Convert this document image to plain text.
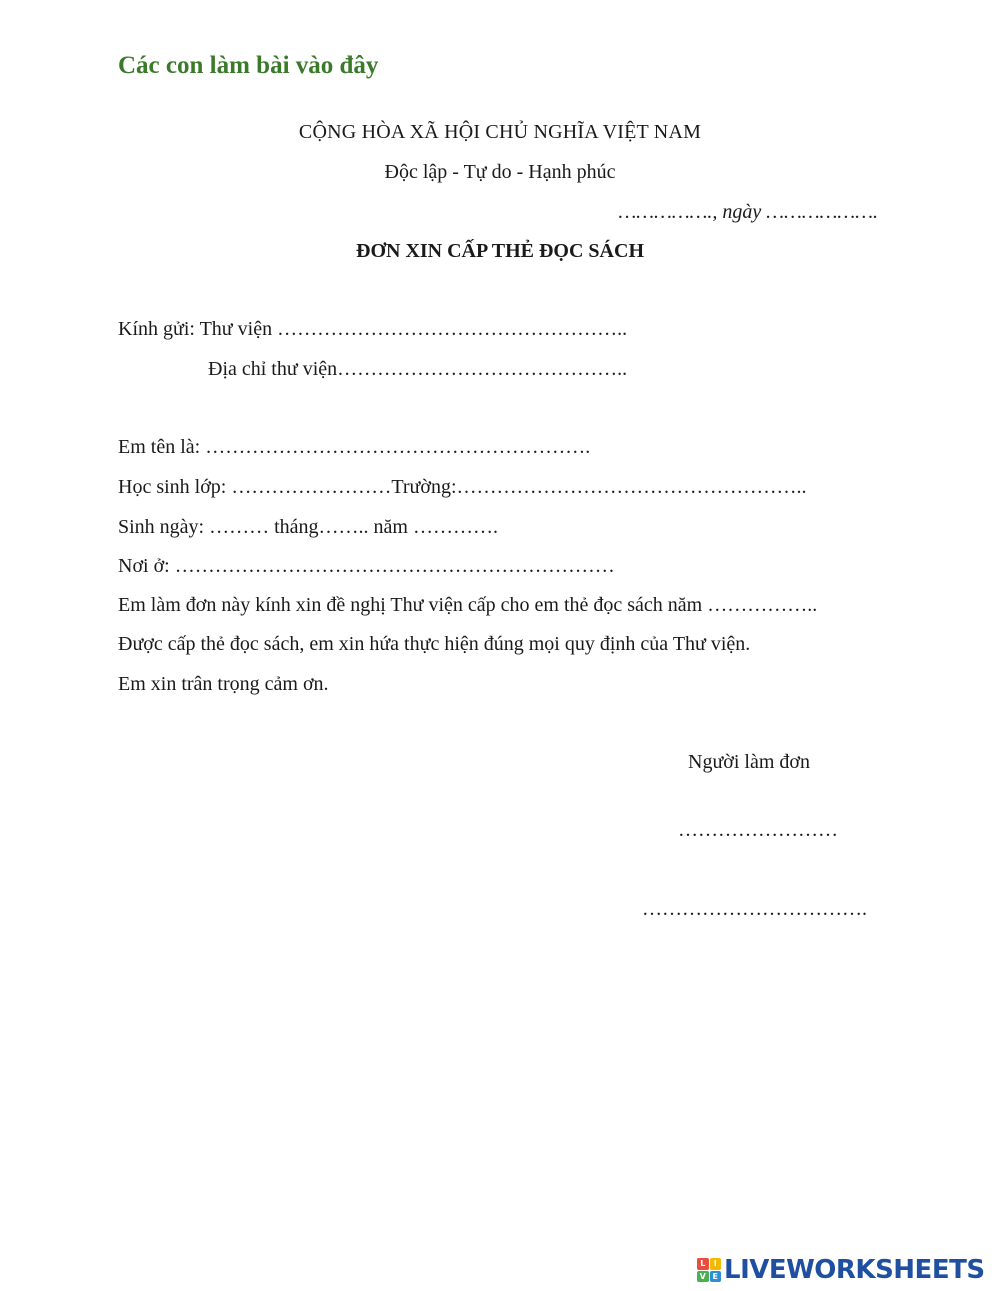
Các con làm bài vào đây
CỘNG HÒA XÃ HỘI CHỦ NGHĨA VIỆT NAM
Độc lập - Tự do - Hạnh phúc
……………., ngày ……………….
ĐƠN XIN CẤP THẺ ĐỌC SÁCH
Kính gửi: Thư viện ……………………………………………..
Địa chỉ thư viện……………………………………..
Em tên là: ………………………………………………….
Học sinh lớp: ……………………Trường:……………………………………………..
Sinh ngày: ……… tháng…….. năm ………….
Nơi ở: …………………………………………………………
Em làm đơn này kính xin đề nghị Thư viện cấp cho em thẻ đọc sách năm ……………..
Được cấp thẻ đọc sách, em xin hứa thực hiện đúng mọi quy định của Thư viện.
Em xin trân trọng cảm ơn.
Người làm đơn
……………………
…………………………….
L	I
V E LIVEWORKSHEETS
